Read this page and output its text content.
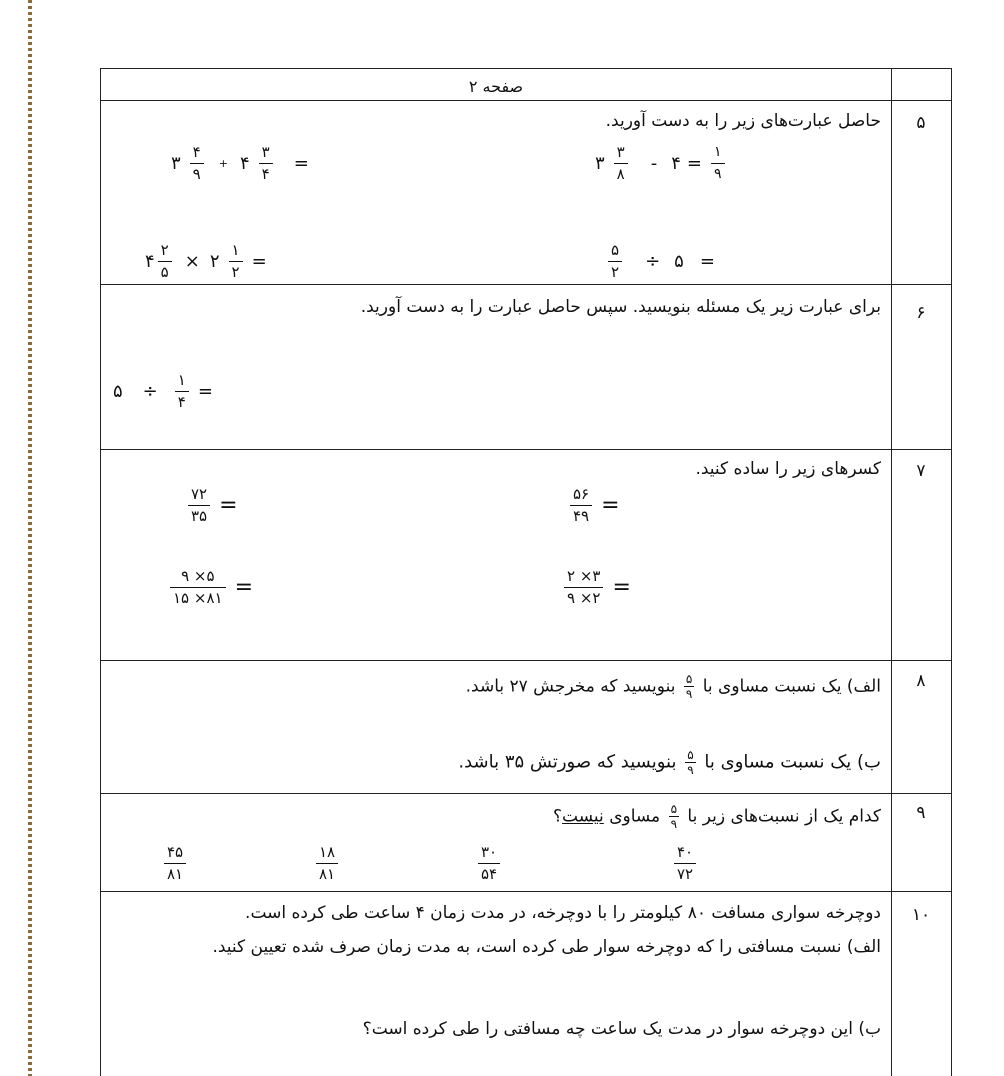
صفحه ۲
۵
حاصل عبارت‌های زیر را به دست آورید.
۳
۴
۹
+ ۴
۳
۴ =	۳
۳
۸ - ۴ =
۱
۹
۴
۲
۵ × ۲
۱
۲ =
۵
۲ ÷ ۵ =
۶
برای عبارت زیر یک مسئله بنویسید. سپس حاصل عبارت را به دست آورید.
۵ ÷
۱
۴ =
۷
کسرهای زیر را ساده کنید.
۷۲
۳۵ =	۵۶
۴۹ =
۹ ×۵
۱۵ ×۸۱ =	۲ ×۳
۹ ×۲ =
۸
الف) یک نسبت مساوی با
۵
۹
بنویسید که مخرجش ۲۷ باشد.
ب) یک نسبت مساوی با
۵
۹
بنویسید که صورتش ۳۵ باشد.
۹
کدام یک از نسبت‌های زیر با
۵
۹
مساوی نیست؟
۴۵
۸۱
۱۸
۸۱
۳۰
۵۴
۴۰
۷۲
۱۰
دوچرخه سواری مسافت ۸۰ کیلومتر را با دوچرخه، در مدت زمان ۴ ساعت طی کرده است.
الف) نسبت مسافتی را که دوچرخه سوار طی کرده است، به مدت زمان صرف شده تعیین کنید.
ب) این دوچرخه سوار در مدت یک ساعت چه مسافتی را طی کرده است؟
